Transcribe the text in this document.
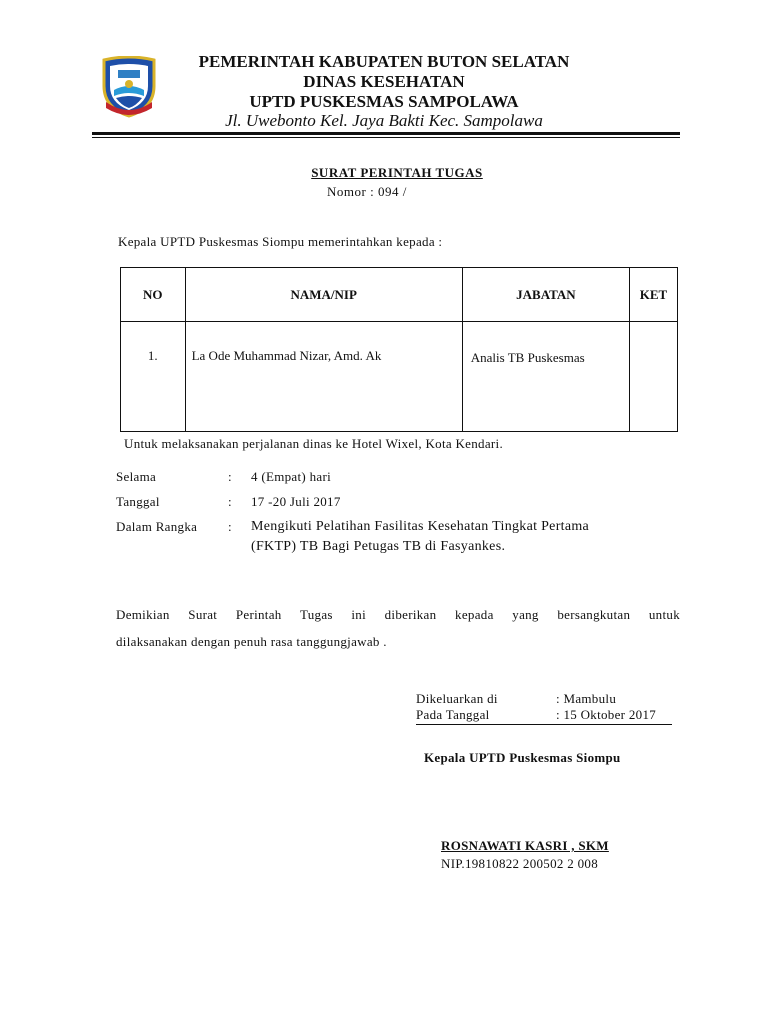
PEMERINTAH KABUPATEN BUTON SELATAN
DINAS KESEHATAN
UPTD PUSKESMAS SAMPOLAWA
Jl. Uwebonto Kel. Jaya Bakti Kec. Sampolawa
SURAT PERINTAH TUGAS
Nomor : 094 /
Kepala UPTD Puskesmas Siompu memerintahkan kepada :
NO	NAMA/NIP	JABATAN	KET
1.	La Ode Muhammad Nizar, Amd. Ak	Analis TB Puskesmas	
Untuk melaksanakan perjalanan dinas ke Hotel Wixel, Kota Kendari.
Selama	: 4 (Empat) hari
Tanggal	: 17 -20 Juli 2017
Dalam Rangka : Mengikuti Pelatihan Fasilitas Kesehatan Tingkat Pertama
(FKTP) TB Bagi Petugas TB di Fasyankes.
Demikian Surat Perintah Tugas ini diberikan kepada yang bersangkutan untuk
dilaksanakan dengan penuh rasa tanggungjawab .
Dikeluarkan di	: Mambulu
Pada Tanggal	: 15 Oktober 2017
Kepala UPTD Puskesmas Siompu
ROSNAWATI KASRI , SKM
NIP.19810822 200502 2 008
